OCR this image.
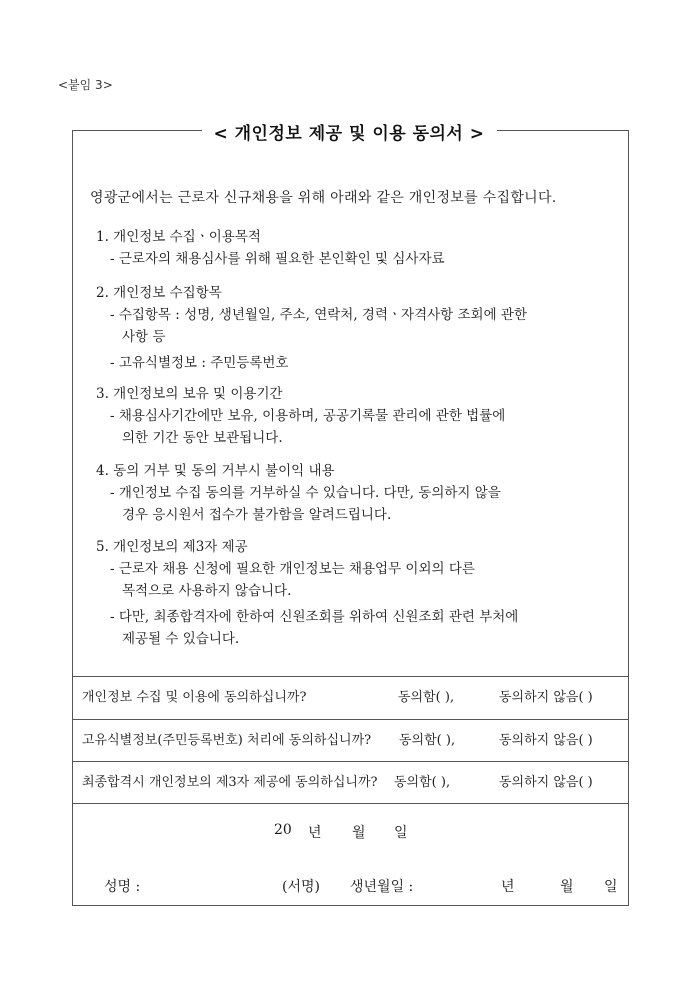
<붙임 3>
< 개인정보 제공 및 이용 동의서 >
영광군에서는 근로자 신규채용을 위해 아래와 같은 개인정보를 수집합니다.
1. 개인정보 수집ㆍ이용목적
- 근로자의 채용심사를 위해 필요한 본인확인 및 심사자료
2. 개인정보 수집항목
- 수집항목 : 성명, 생년월일, 주소, 연락처, 경력ㆍ자격사항 조회에 관한
사항 등
- 고유식별정보 : 주민등록번호
3. 개인정보의 보유 및 이용기간
- 채용심사기간에만 보유, 이용하며, 공공기록물 관리에 관한 법률에
의한 기간 동안 보관됩니다.
4. 동의 거부 및 동의 거부시 불이익 내용
- 개인정보 수집 동의를 거부하실 수 있습니다. 다만, 동의하지 않을
경우 응시원서 접수가 불가함을 알려드립니다.
5. 개인정보의 제3자 제공
- 근로자 채용 신청에 필요한 개인정보는 채용업무 이외의 다른
목적으로 사용하지 않습니다.
- 다만, 최종합격자에 한하여 신원조회를 위하여 신원조회 관련 부처에
제공될 수 있습니다.
개인정보 수집 및 이용에 동의하십니까?	동의함( ),	동의하지 않음( )
고유식별정보(주민등록번호) 처리에 동의하십니까? 동의함( ),	동의하지 않음( )
최종합격시 개인정보의 제3자 제공에 동의하십니까? 동의함( ),	동의하지 않음( )
20 년 월 일
성명 :	(서명) 생년월일 :	년	월 일
